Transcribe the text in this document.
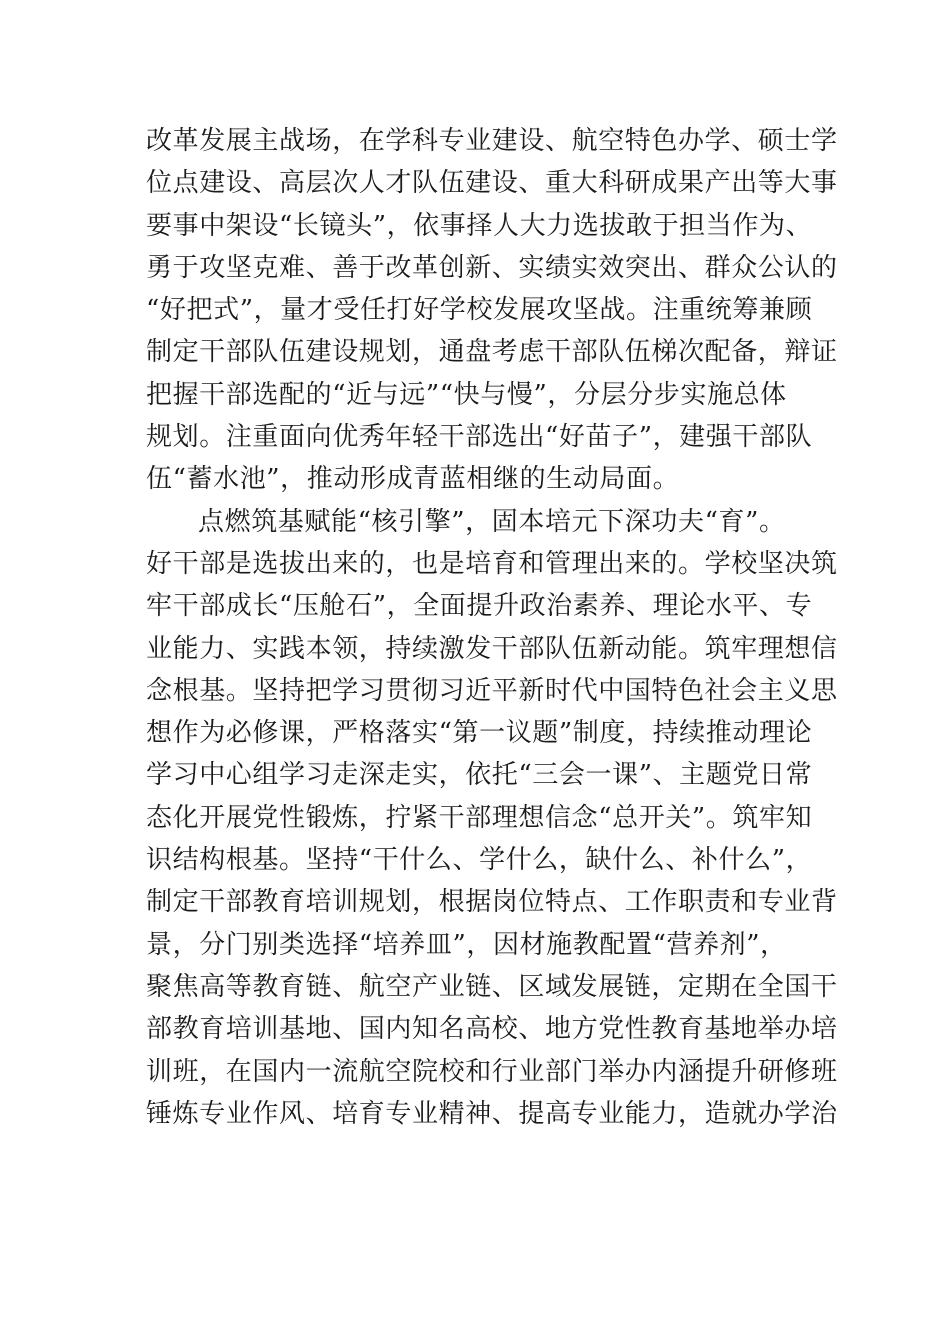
改革发展主战场，在学科专业建设、航空特色办学、硕士学
位点建设、高层次人才队伍建设、重大科研成果产出等大事
要事中架设“长镜头”，依事择人大力选拔敢于担当作为、
勇于攻坚克难、善于改革创新、实绩实效突出、群众公认的
“好把式”，量才受任打好学校发展攻坚战。注重统筹兼顾
制定干部队伍建设规划，通盘考虑干部队伍梯次配备，辩证
把握干部选配的“近与远”“快与慢”，分层分步实施总体
规划。注重面向优秀年轻干部选出“好苗子”，建强干部队
伍“蓄水池”，推动形成青蓝相继的生动局面。
点燃筑基赋能“核引擎”，固本培元下深功夫“育”。
好干部是选拔出来的，也是培育和管理出来的。学校坚决筑
牢干部成长“压舱石”，全面提升政治素养、理论水平、专
业能力、实践本领，持续激发干部队伍新动能。筑牢理想信
念根基。坚持把学习贯彻习近平新时代中国特色社会主义思
想作为必修课，严格落实“第一议题”制度，持续推动理论
学习中心组学习走深走实，依托“三会一课”、主题党日常
态化开展党性锻炼，拧紧干部理想信念“总开关”。筑牢知
识结构根基。坚持“干什么、学什么，缺什么、补什么”，
制定干部教育培训规划，根据岗位特点、工作职责和专业背
景，分门别类选择“培养皿”，因材施教配置“营养剂”，
聚焦高等教育链、航空产业链、区域发展链，定期在全国干
部教育培训基地、国内知名高校、地方党性教育基地举办培
训班，在国内一流航空院校和行业部门举办内涵提升研修班
锤炼专业作风、培育专业精神、提高专业能力，造就办学治
